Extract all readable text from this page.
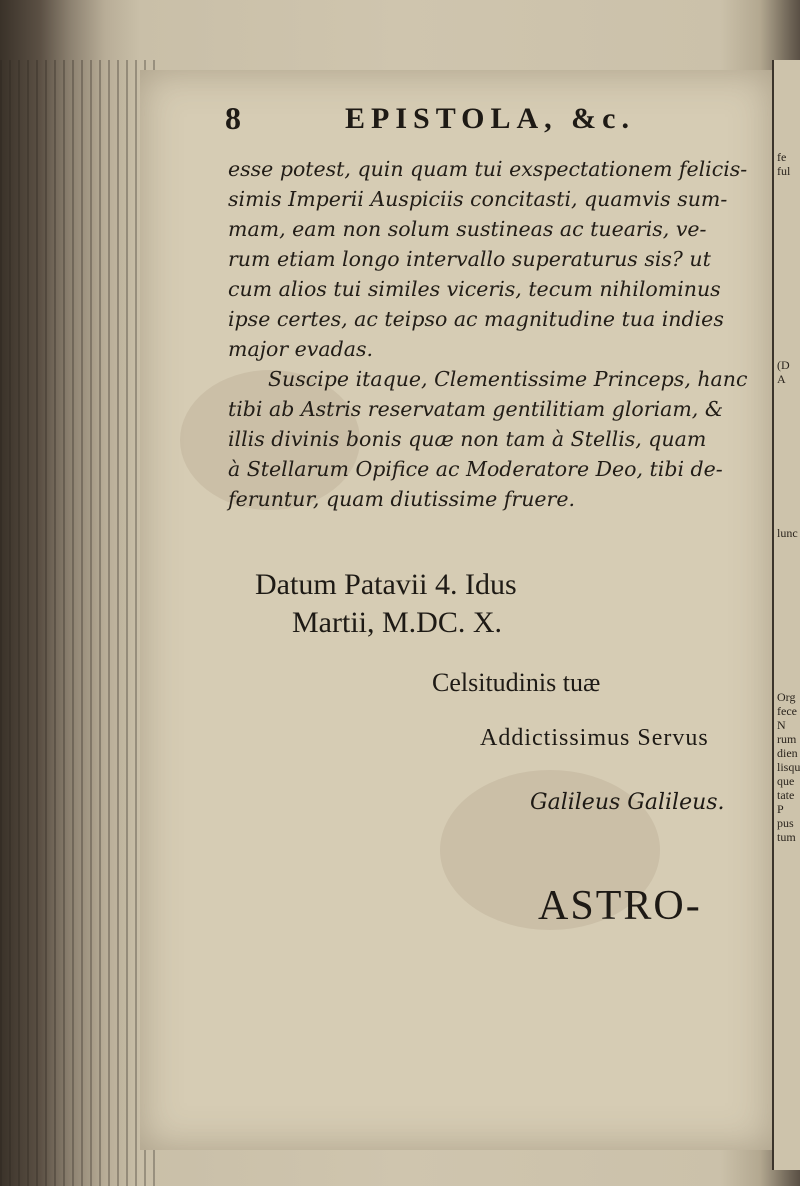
fe
ful
(D
A
lunc
Org
fece
N
rum
dien
lisqu
que
tate
P
pus
tum
8	EPISTOLA, &c.
esse potest, quin quam tui exspectationem felicis-
simis Imperii Auspiciis concitasti, quamvis sum-
mam, eam non solum sustineas ac tuearis, ve-
rum etiam longo intervallo superaturus sis? ut
cum alios tui similes viceris, tecum nihilominus
ipse certes, ac teipso ac magnitudine tua indies
major evadas.
Suscipe itaque, Clementissime Princeps, hanc
tibi ab Astris reservatam gentilitiam gloriam, &
illis divinis bonis quæ non tam à Stellis, quam
à Stellarum Opifice ac Moderatore Deo, tibi de-
feruntur, quam diutissime fruere.
Datum Patavii 4. Idus
Martii, M.DC. X.
Celsitudinis tuæ
Addictissimus Servus
Galileus Galileus.
ASTRO-
